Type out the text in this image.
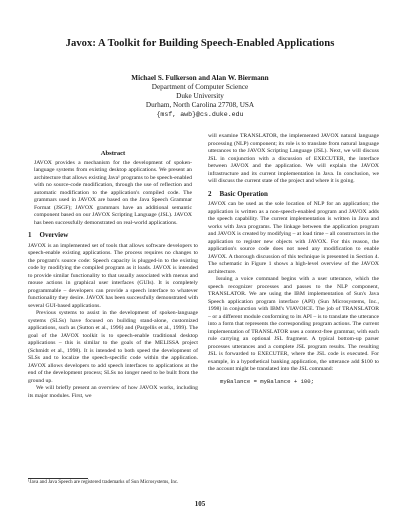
Javox: A Toolkit for Building Speech-Enabled Applications
Michael S. Fulkerson and Alan W. Biermann
Department of Computer Science
Duke University
Durham, North Carolina 27708, USA
{msf, awb}@cs.duke.edu
Abstract

JAVOX provides a mechanism for the development of spoken-language systems from existing desktop applications. We present an architecture that allows existing Java¹ programs to be speech-enabled with no source-code modification, through the use of reflection and automatic modification to the application's compiled code. The grammars used in JAVOX are based on the Java Speech Grammar Format (JSGF); JAVOX grammars have an additional semantic component based on our JAVOX Scripting Language (JSL). JAVOX has been successfully demonstrated on real-world applications.

1 Overview

JAVOX is an implemented set of tools that allows software developers to speech-enable existing applications. The process requires no changes to the program's source code: Speech capacity is plugged-in to the existing code by modifying the compiled program as it loads. JAVOX is intended to provide similar functionality to that usually associated with menus and mouse actions in graphical user interfaces (GUIs). It is completely programmable – developers can provide a speech interface to whatever functionality they desire. JAVOX has been successfully demonstrated with several GUI-based applications.

Previous systems to assist in the development of spoken-language systems (SLSs) have focused on building stand-alone, customized applications, such as (Sutton et al., 1996) and (Pargellis et al., 1999). The goal of the JAVOX toolkit is to speech-enable traditional desktop applications – this is similar to the goals of the MELISSA project (Schmidt et al., 1998). It is intended to both speed the development of SLSs and to localize the speech-specific code within the application. JAVOX allows developers to add speech interfaces to applications at the end of the development process; SLSs no longer need to be built from the ground up.

We will briefly present an overview of how JAVOX works, including its major modules. First, we

¹Java and Java Speech are registered trademarks of Sun Microsystems, Inc.

will examine TRANSLATOR, the implemented JAVOX natural language processing (NLP) component; its role is to translate from natural language utterances to the JAVOX Scripting Language (JSL). Next, we will discuss JSL in conjunction with a discussion of EXECUTER, the interface between JAVOX and the application. We will explain the JAVOX infrastructure and its current implementation in Java. In conclusion, we will discuss the current state of the project and where it is going.

2 Basic Operation

JAVOX can be used as the sole location of NLP for an application; the application is written as a non-speech-enabled program and JAVOX adds the speech capability. The current implementation is written in Java and works with Java programs. The linkage between the application program and JAVOX is created by modifying – at load time – all constructors in the application to register new objects with JAVOX. For this reason, the application's source code does not need any modification to enable JAVOX. A thorough discussion of this technique is presented in Section 4. The schematic in Figure 1 shows a high-level overview of the JAVOX architecture.

Issuing a voice command begins with a user utterance, which the speech recognizer processes and passes to the NLP component, TRANSLATOR. We are using the IBM implementation of Sun's Java Speech application program interface (API) (Sun Microsystems, Inc., 1998) in conjunction with IBM's VIAVOICE. The job of TRANSLATOR – or a different module conforming to its API – is to translate the utterance into a form that represents the corresponding program actions. The current implementation of TRANSLATOR uses a context-free grammar, with each rule carrying an optional JSL fragment. A typical bottom-up parser processes utterances and a complete JSL program results. The resulting JSL is forwarded to EXECUTER, where the JSL code is executed. For example, in a hypothetical banking application, the utterance add $100 to the account might be translated into the JSL command:

myBalance = myBalance + 100;
105
